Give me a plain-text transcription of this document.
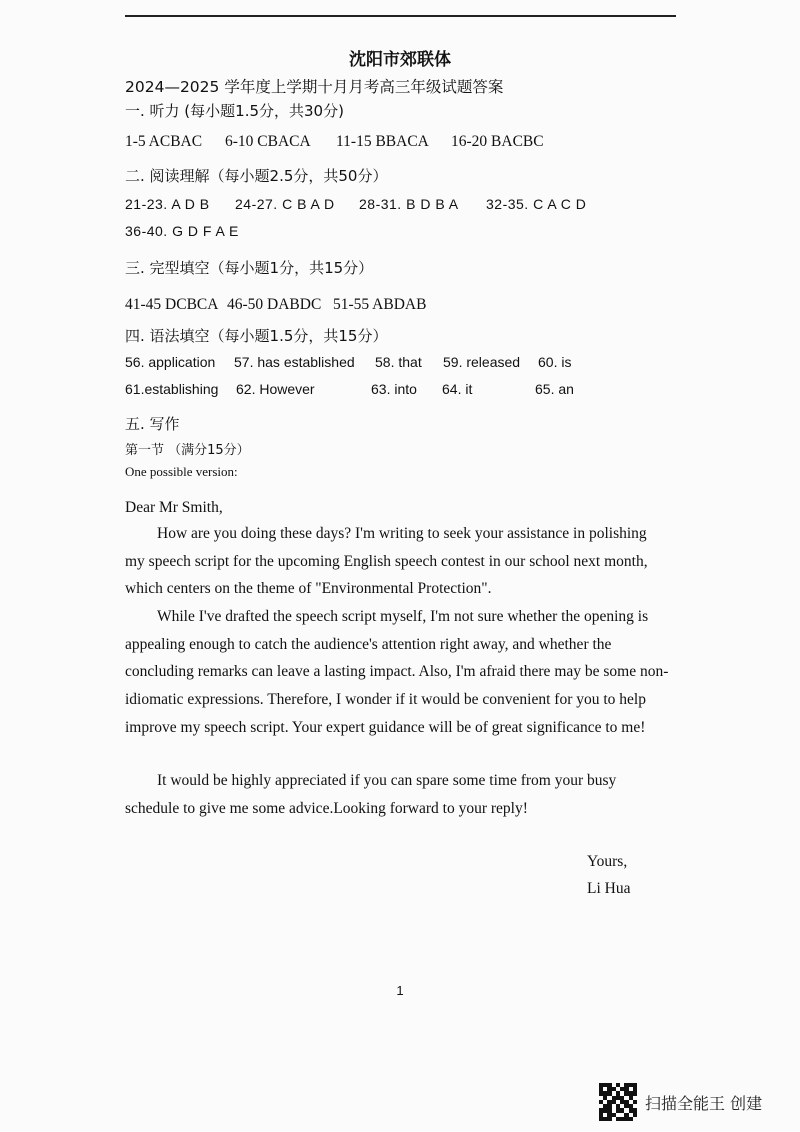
沈阳市郊联体
2024—2025 学年度上学期十月月考高三年级试题答案
一. 听力 (每小题1.5分，共30分)
1-5 ACBAC 6-10 CBACA 11-15 BBACA 16-20 BACBC
二. 阅读理解（每小题2.5分，共50分）
21-23. A D B 24-27. C B A D 28-31. B D B A 32-35. C A C D
36-40. G D F A E
三. 完型填空（每小题1分，共15分）
41-45 DCBCA 46-50 DABDC 51-55 ABDAB
四. 语法填空（每小题1.5分，共15分）
56. application 57. has established 58. that 59. released 60. is
61.establishing 62. However	63. into 64. it	65. an
五. 写作
第一节 （满分15分）
One possible version:

Dear Mr Smith,

How are you doing these days? I'm writing to seek your assistance in polishing my speech script for the upcoming English speech contest in our school next month, which centers on the theme of "Environmental Protection".

While I've drafted the speech script myself, I'm not sure whether the opening is appealing enough to catch the audience's attention right away, and whether the concluding remarks can leave a lasting impact. Also, I'm afraid there may be some non-idiomatic expressions. Therefore, I wonder if it would be convenient for you to help improve my speech script. Your expert guidance will be of great significance to me!

It would be highly appreciated if you can spare some time from your busy schedule to give me some advice.Looking forward to your reply!

Yours,
Li Hua
1
扫描全能王 创建
